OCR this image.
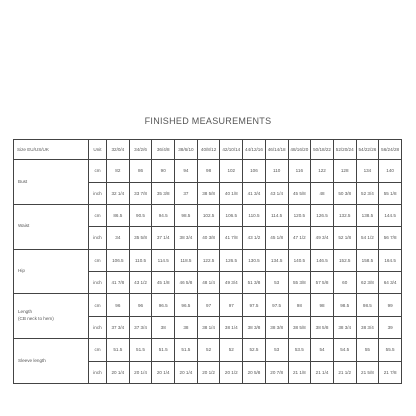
FINISHED MEASUREMENTS
Size EU/US/UK	Unit	32/0/4	34/2/6	36/4/8	38/6/10	40/8/12	42/10/14	44/12/16	46/14/18	48/16/20	50/18/22	52/20/24	54/22/26	56/24/28

Bust	cm	82	86	90	94	98	102	106	110	116	122	128	134	140
	inch	32 1/4	33 7/8	35 3/8	37	38 5/8	40 1/8	41 3/4	43 1/4	45 5/8	48	50 3/8	52 3/4	55 1/8

Waist	cm	86.5	90.5	94.5	98.5	102.5	106.5	110.5	114.5	120.5	126.5	132.5	138.5	144.5
	inch	34	35 5/8	37 1/4	38 3/4	40 3/8	41 7/8	43 1/2	45 1/8	47 1/2	49 3/4	52 1/8	54 1/2	56 7/8

Hip	cm	106.5	110.5	114.5	118.5	122.5	126.5	130.5	134.5	140.5	146.5	152.5	158.5	164.5
	inch	41 7/8	43 1/2	45 1/8	46 5/8	48 1/4	49 3/4	51 3/8	53	55 3/8	57 5/8	60	62 3/8	64 3/4

Length
(CB neck to hem)	cm	96	96	96.5	96.5	97	97	97.5	97.5	98	98	98.5	98.5	99
	inch	37 3/4	37 3/4	38	38	38 1/4	38 1/4	38 3/8	38 3/8	38 5/8	38 5/8	38 3/4	38 3/4	39

Sleeve length	cm	51.5	51.5	51.5	51.5	52	52	52.5	53	53.5	54	54.5	55	55.5
	inch	20 1/4	20 1/4	20 1/4	20 1/4	20 1/2	20 1/2	20 5/8	20 7/8	21 1/8	21 1/4	21 1/2	21 5/8	21 7/8
